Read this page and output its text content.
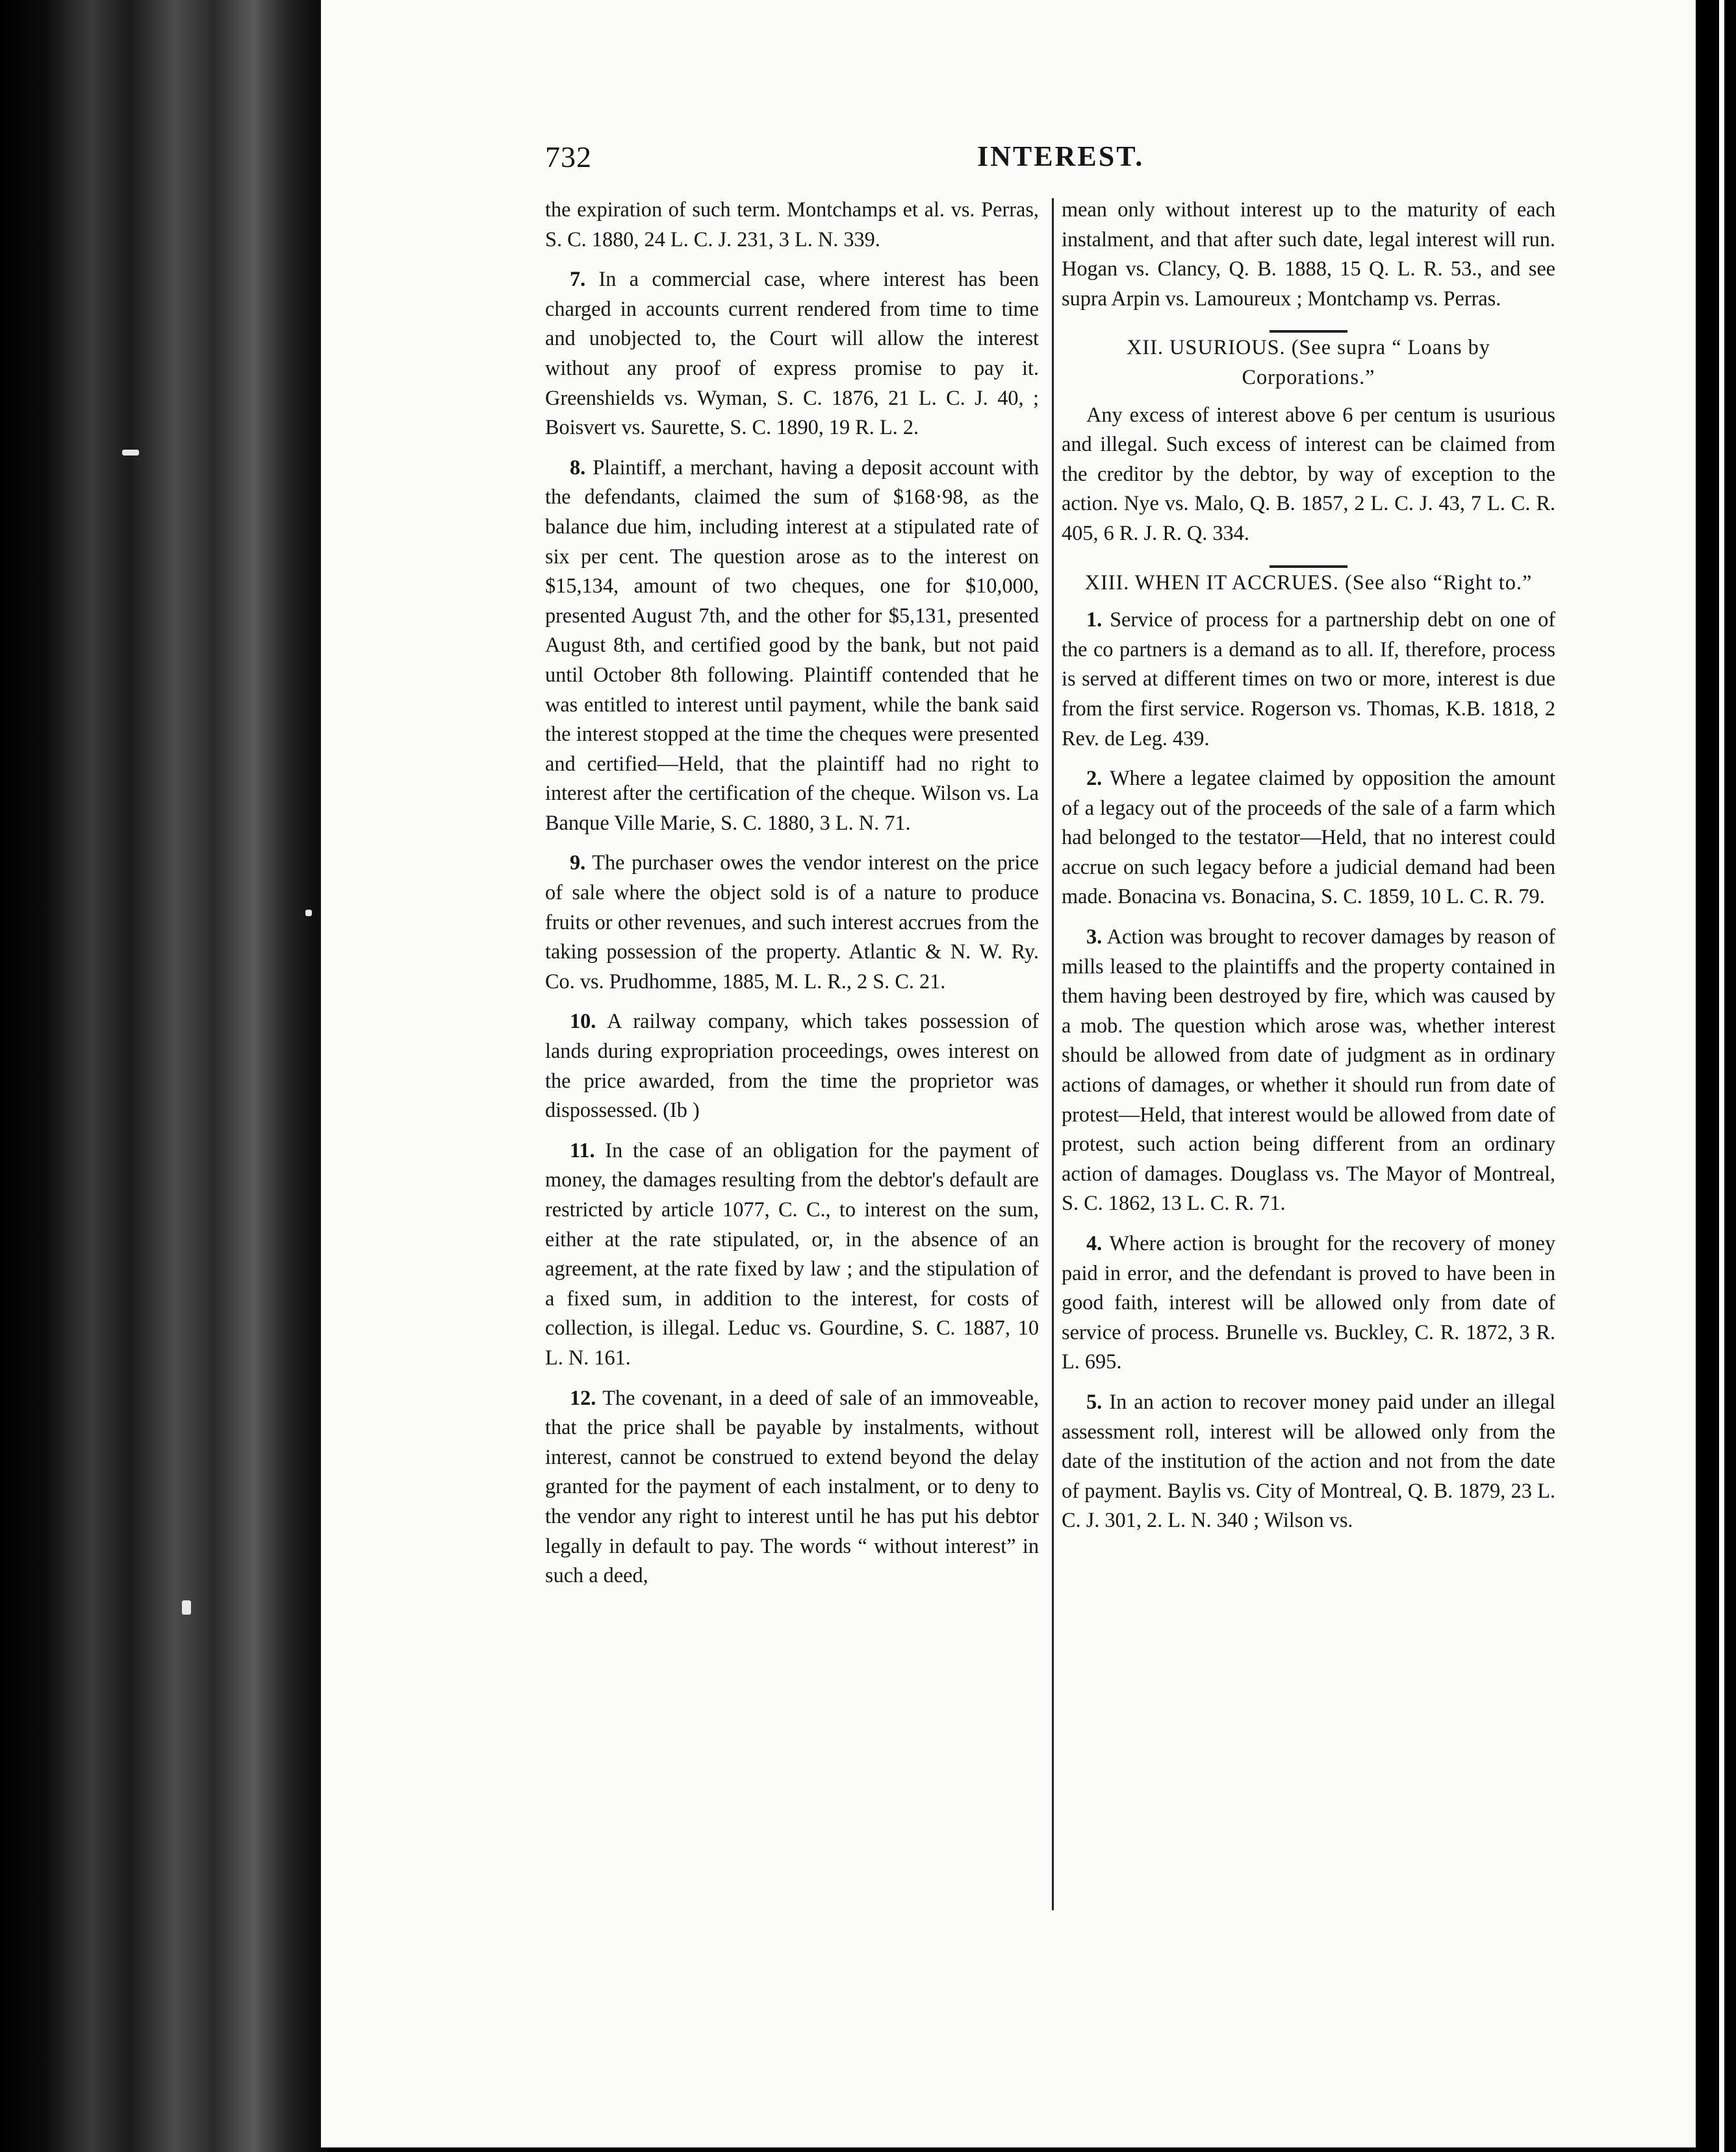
732	INTEREST.

the expiration of such term. Montchamps et al. vs. Perras, S. C. 1880, 24 L. C. J. 231, 3 L. N. 339.

7. In a commercial case, where interest has been charged in accounts current rendered from time to time and unobjected to, the Court will allow the interest without any proof of express promise to pay it. Greenshields vs. Wyman, S. C. 1876, 21 L. C. J. 40, ; Boisvert vs. Saurette, S. C. 1890, 19 R. L. 2.

8. Plaintiff, a merchant, having a deposit account with the defendants, claimed the sum of $168·98, as the balance due him, including interest at a stipulated rate of six per cent. The question arose as to the interest on $15,134, amount of two cheques, one for $10,000, presented August 7th, and the other for $5,131, presented August 8th, and certified good by the bank, but not paid until October 8th following. Plaintiff contended that he was entitled to interest until payment, while the bank said the interest stopped at the time the cheques were presented and certified—Held, that the plaintiff had no right to interest after the certification of the cheque. Wilson vs. La Banque Ville Marie, S. C. 1880, 3 L. N. 71.

9. The purchaser owes the vendor interest on the price of sale where the object sold is of a nature to produce fruits or other revenues, and such interest accrues from the taking possession of the property. Atlantic & N. W. Ry. Co. vs. Prudhomme, 1885, M. L. R., 2 S. C. 21.

10. A railway company, which takes possession of lands during expropriation proceedings, owes interest on the price awarded, from the time the proprietor was dispossessed. (Ib )

11. In the case of an obligation for the payment of money, the damages resulting from the debtor's default are restricted by article 1077, C. C., to interest on the sum, either at the rate stipulated, or, in the absence of an agreement, at the rate fixed by law ; and the stipulation of a fixed sum, in addition to the interest, for costs of collection, is illegal. Leduc vs. Gourdine, S. C. 1887, 10 L. N. 161.

12. The covenant, in a deed of sale of an immoveable, that the price shall be payable by instalments, without interest, cannot be construed to extend beyond the delay granted for the payment of each instalment, or to deny to the vendor any right to interest until he has put his debtor legally in default to pay. The words “ without interest” in such a deed,

mean only without interest up to the maturity of each instalment, and that after such date, legal interest will run. Hogan vs. Clancy, Q. B. 1888, 15 Q. L. R. 53., and see supra Arpin vs. Lamoureux ; Montchamp vs. Perras.

XII. USURIOUS. (See supra “ Loans by Corporations.”

Any excess of interest above 6 per centum is usurious and illegal. Such excess of interest can be claimed from the creditor by the debtor, by way of exception to the action. Nye vs. Malo, Q. B. 1857, 2 L. C. J. 43, 7 L. C. R. 405, 6 R. J. R. Q. 334.

XIII. WHEN IT ACCRUES. (See also “Right to.”

1. Service of process for a partnership debt on one of the co partners is a demand as to all. If, therefore, process is served at different times on two or more, interest is due from the first service. Rogerson vs. Thomas, K.B. 1818, 2 Rev. de Leg. 439.

2. Where a legatee claimed by opposition the amount of a legacy out of the proceeds of the sale of a farm which had belonged to the testator—Held, that no interest could accrue on such legacy before a judicial demand had been made. Bonacina vs. Bonacina, S. C. 1859, 10 L. C. R. 79.

3. Action was brought to recover damages by reason of mills leased to the plaintiffs and the property contained in them having been destroyed by fire, which was caused by a mob. The question which arose was, whether interest should be allowed from date of judgment as in ordinary actions of damages, or whether it should run from date of protest—Held, that interest would be allowed from date of protest, such action being different from an ordinary action of damages. Douglass vs. The Mayor of Montreal, S. C. 1862, 13 L. C. R. 71.

4. Where action is brought for the recovery of money paid in error, and the defendant is proved to have been in good faith, interest will be allowed only from date of service of process. Brunelle vs. Buckley, C. R. 1872, 3 R. L. 695.

5. In an action to recover money paid under an illegal assessment roll, interest will be allowed only from the date of the institution of the action and not from the date of payment. Baylis vs. City of Montreal, Q. B. 1879, 23 L. C. J. 301, 2. L. N. 340 ; Wilson vs.
